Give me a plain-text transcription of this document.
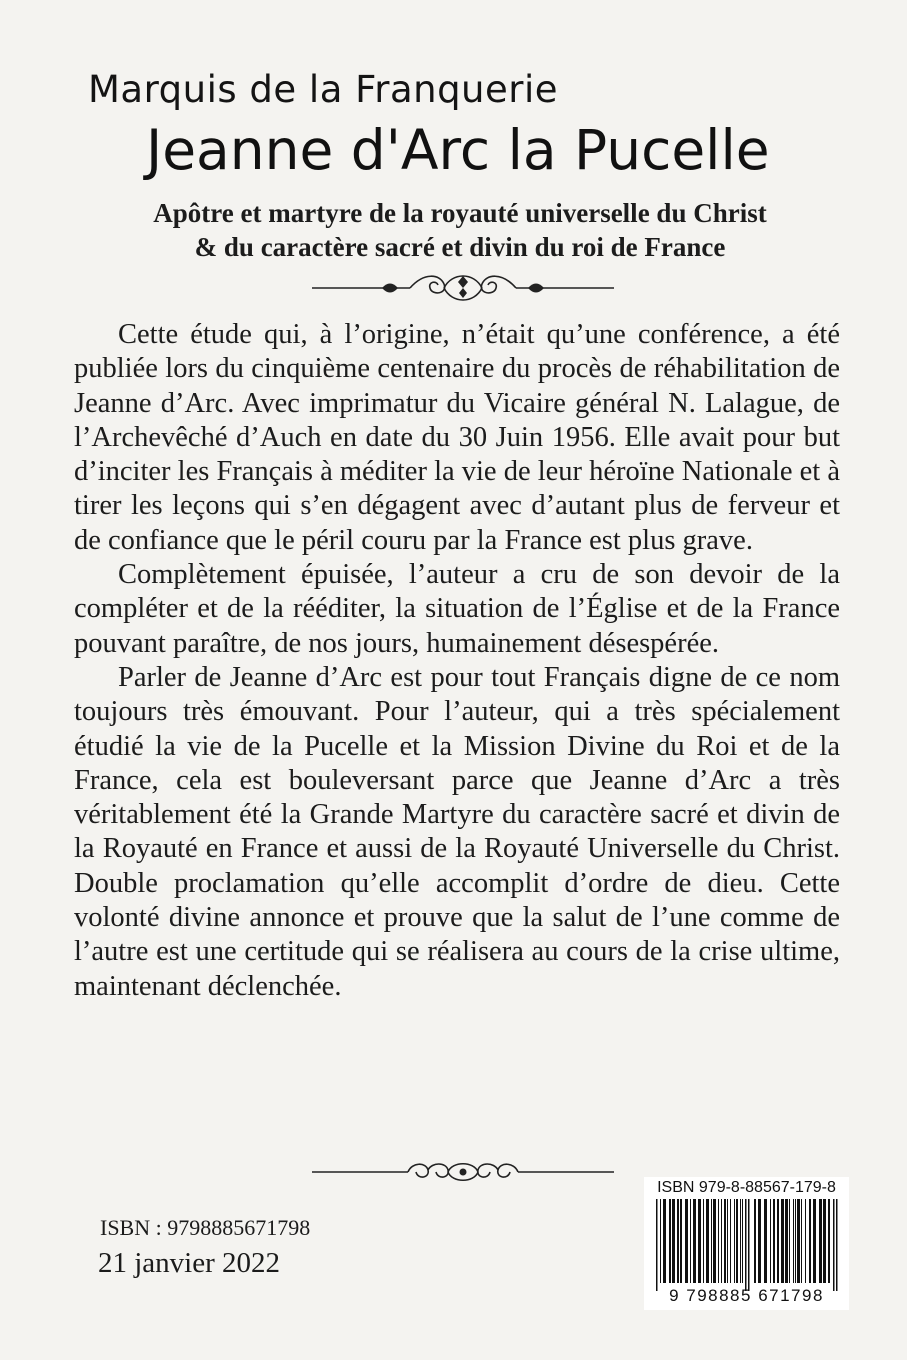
Marquis de la Franquerie
Jeanne d'Arc la Pucelle
Apôtre et martyre de la royauté universelle du Christ
& du caractère sacré et divin du roi de France

Cette étude qui, à l’origine, n’était qu’une conférence, a été publiée lors du cinquième centenaire du procès de réhabilitation de Jeanne d’Arc. Avec imprimatur du Vicaire général N. Lalague, de l’Archevêché d’Auch en date du 30 Juin 1956. Elle avait pour but d’inciter les Français à méditer la vie de leur héroïne Nationale et à tirer les leçons qui s’en dégagent avec d’autant plus de ferveur et de confiance que le péril couru par la France est plus grave.

Complètement épuisée, l’auteur a cru de son devoir de la compléter et de la rééditer, la situation de l’Église et de la France pouvant paraître, de nos jours, humainement désespérée.

Parler de Jeanne d’Arc est pour tout Français digne de ce nom toujours très émouvant. Pour l’auteur, qui a très spécialement étudié la vie de la Pucelle et la Mission Divine du Roi et de la France, cela est bouleversant parce que Jeanne d’Arc a très véritablement été la Grande Martyre du caractère sacré et divin de la Royauté en France et aussi de la Royauté Universelle du Christ. Double proclamation qu’elle accomplit d’ordre de dieu. Cette volonté divine annonce et prouve que la salut de l’une comme de l’autre est une certitude qui se réalisera au cours de la crise ultime, maintenant déclenchée.

ISBN : 9798885671798
21 janvier 2022
ISBN 979-8-88567-179-8
9 798885 671798
